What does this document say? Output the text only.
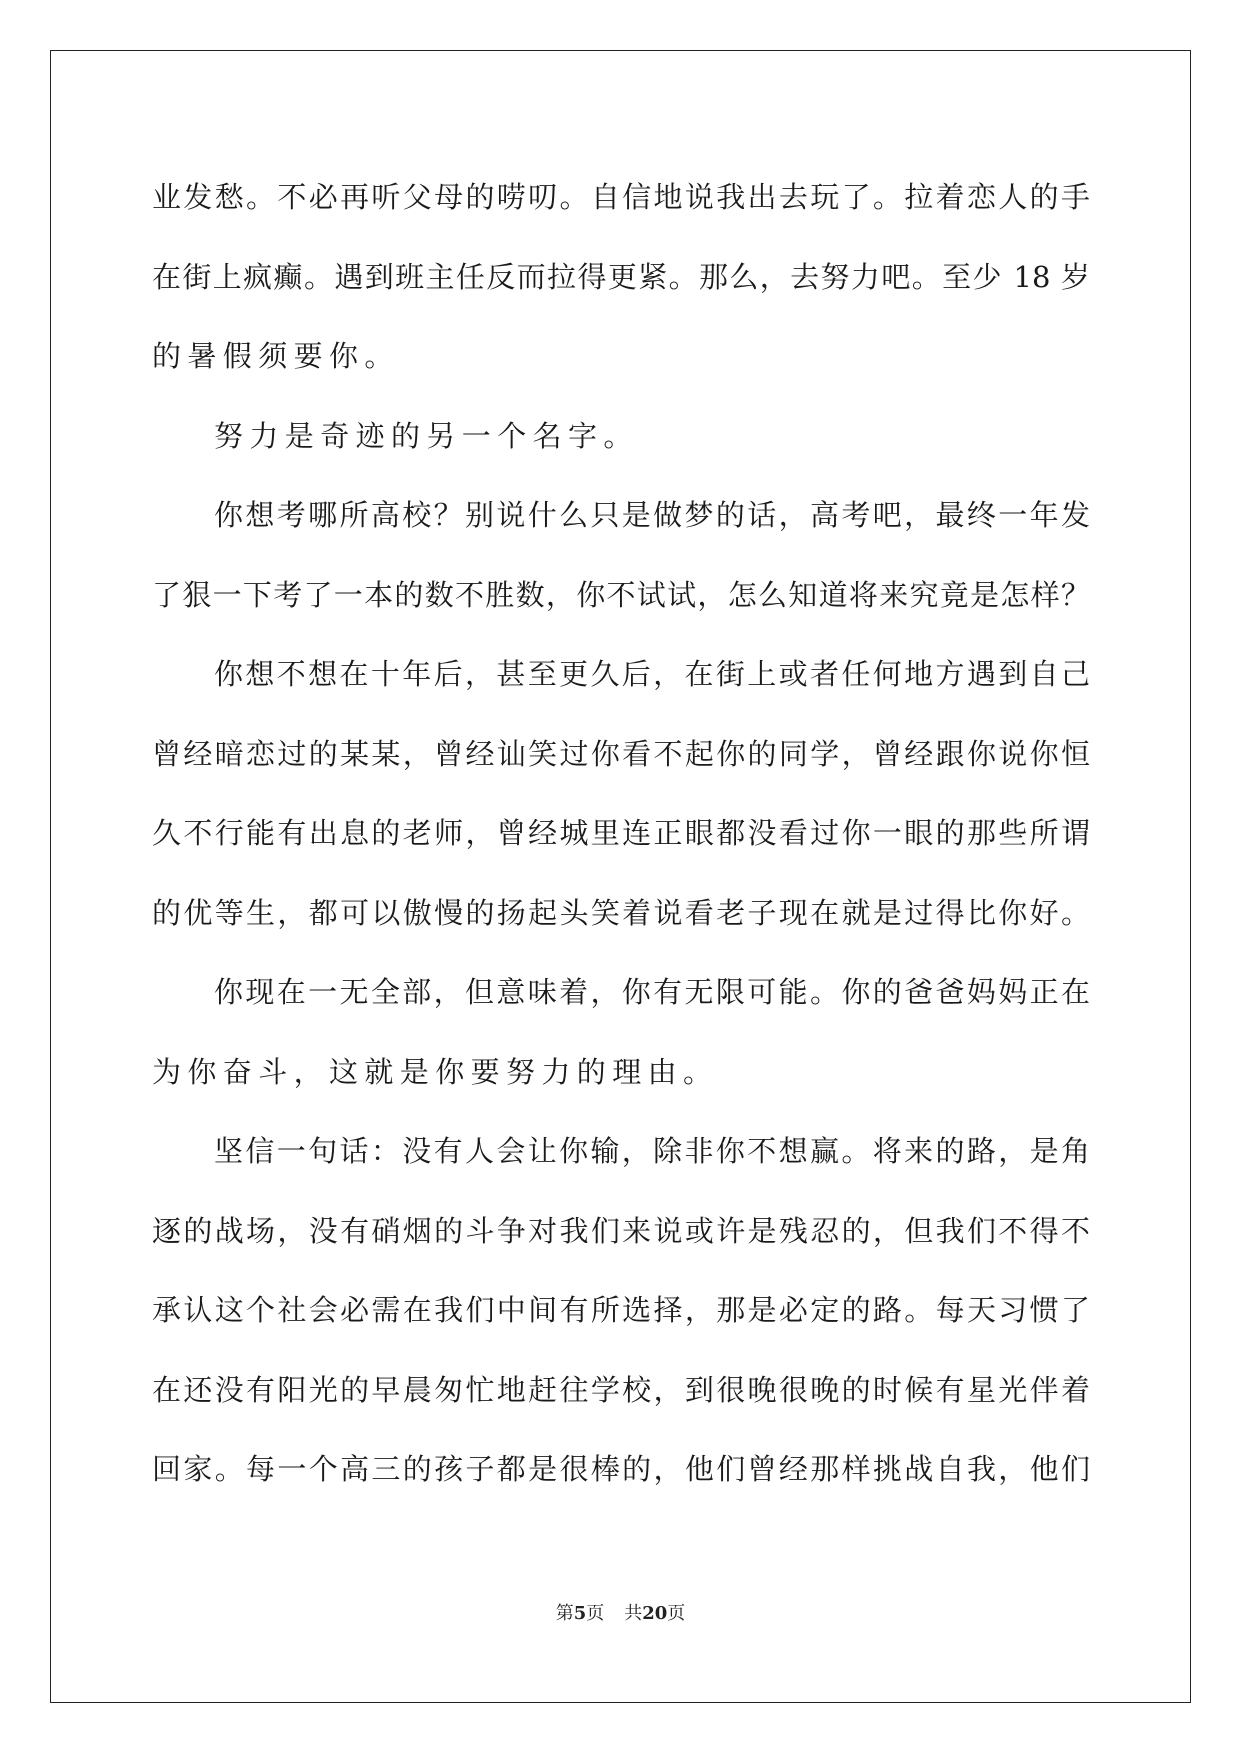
业发愁。不必再听父母的唠叨。自信地说我出去玩了。拉着恋人的手
在街上疯癫。遇到班主任反而拉得更紧。那么，去努力吧。至少 18 岁
的暑假须要你。
努力是奇迹的另一个名字。
你想考哪所高校？别说什么只是做梦的话，高考吧，最终一年发
了狠一下考了一本的数不胜数，你不试试，怎么知道将来究竟是怎样？
你想不想在十年后，甚至更久后，在街上或者任何地方遇到自己
曾经暗恋过的某某，曾经讪笑过你看不起你的同学，曾经跟你说你恒
久不行能有出息的老师，曾经城里连正眼都没看过你一眼的那些所谓
的优等生，都可以傲慢的扬起头笑着说看老子现在就是过得比你好。
你现在一无全部，但意味着，你有无限可能。你的爸爸妈妈正在
为你奋斗，这就是你要努力的理由。
坚信一句话：没有人会让你输，除非你不想赢。将来的路，是角
逐的战场，没有硝烟的斗争对我们来说或许是残忍的，但我们不得不
承认这个社会必需在我们中间有所选择，那是必定的路。每天习惯了
在还没有阳光的早晨匆忙地赶往学校，到很晚很晚的时候有星光伴着
回家。每一个高三的孩子都是很棒的，他们曾经那样挑战自我，他们
第5页 共20页
